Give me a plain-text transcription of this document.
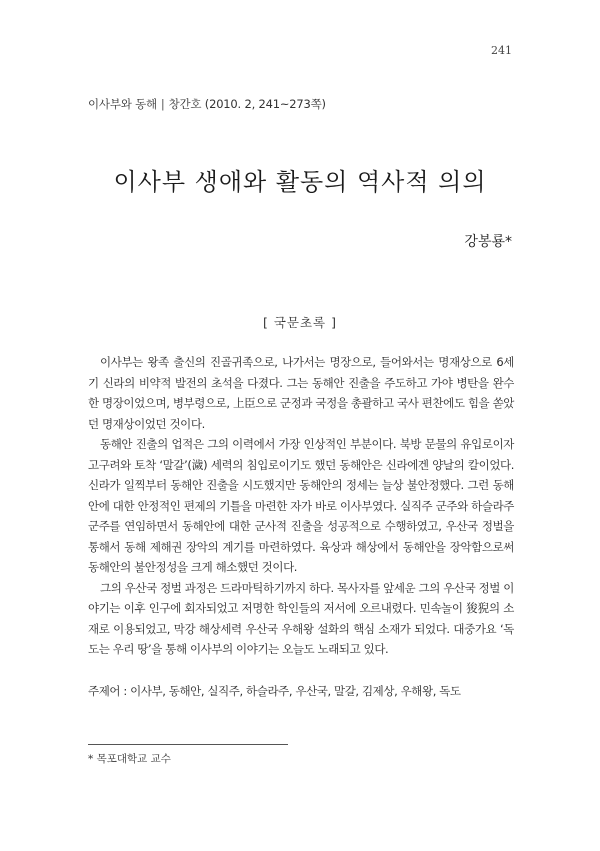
241
이사부와 동해 | 창간호 (2010. 2, 241~273쪽)
이사부 생애와 활동의 역사적 의의
강봉룡*
[ 국문초록 ]

이사부는 왕족 출신의 진골귀족으로, 나가서는 명장으로, 들어와서는 명재상으로 6세기 신라의 비약적 발전의 초석을 다졌다. 그는 동해안 진출을 주도하고 가야 병탄을 완수한 명장이었으며, 병부령으로, 上臣으로 군정과 국정을 총괄하고 국사 편찬에도 힘을 쏟았던 명재상이었던 것이다.

동해안 진출의 업적은 그의 이력에서 가장 인상적인 부분이다. 북방 문물의 유입로이자 고구려와 토착 ‘말갈’(濊) 세력의 침입로이기도 했던 동해안은 신라에겐 양날의 칼이었다. 신라가 일찍부터 동해안 진출을 시도했지만 동해안의 정세는 늘상 불안정했다. 그런 동해안에 대한 안정적인 편제의 기틀을 마련한 자가 바로 이사부였다. 실직주 군주와 하슬라주 군주를 연임하면서 동해안에 대한 군사적 진출을 성공적으로 수행하였고, 우산국 정벌을 통해서 동해 제해권 장악의 계기를 마련하였다. 육상과 해상에서 동해안을 장악함으로써 동해안의 불안정성을 크게 해소했던 것이다.

그의 우산국 정벌 과정은 드라마틱하기까지 하다. 목사자를 앞세운 그의 우산국 정벌 이야기는 이후 인구에 회자되었고 저명한 학인들의 저서에 오르내렸다. 민속놀이 狻猊의 소재로 이용되었고, 막강 해상세력 우산국 우해왕 설화의 핵심 소재가 되었다. 대중가요 ‘독도는 우리 땅’을 통해 이사부의 이야기는 오늘도 노래되고 있다.

주제어 : 이사부, 동해안, 실직주, 하슬라주, 우산국, 말갈, 김제상, 우해왕, 독도
* 목포대학교 교수
